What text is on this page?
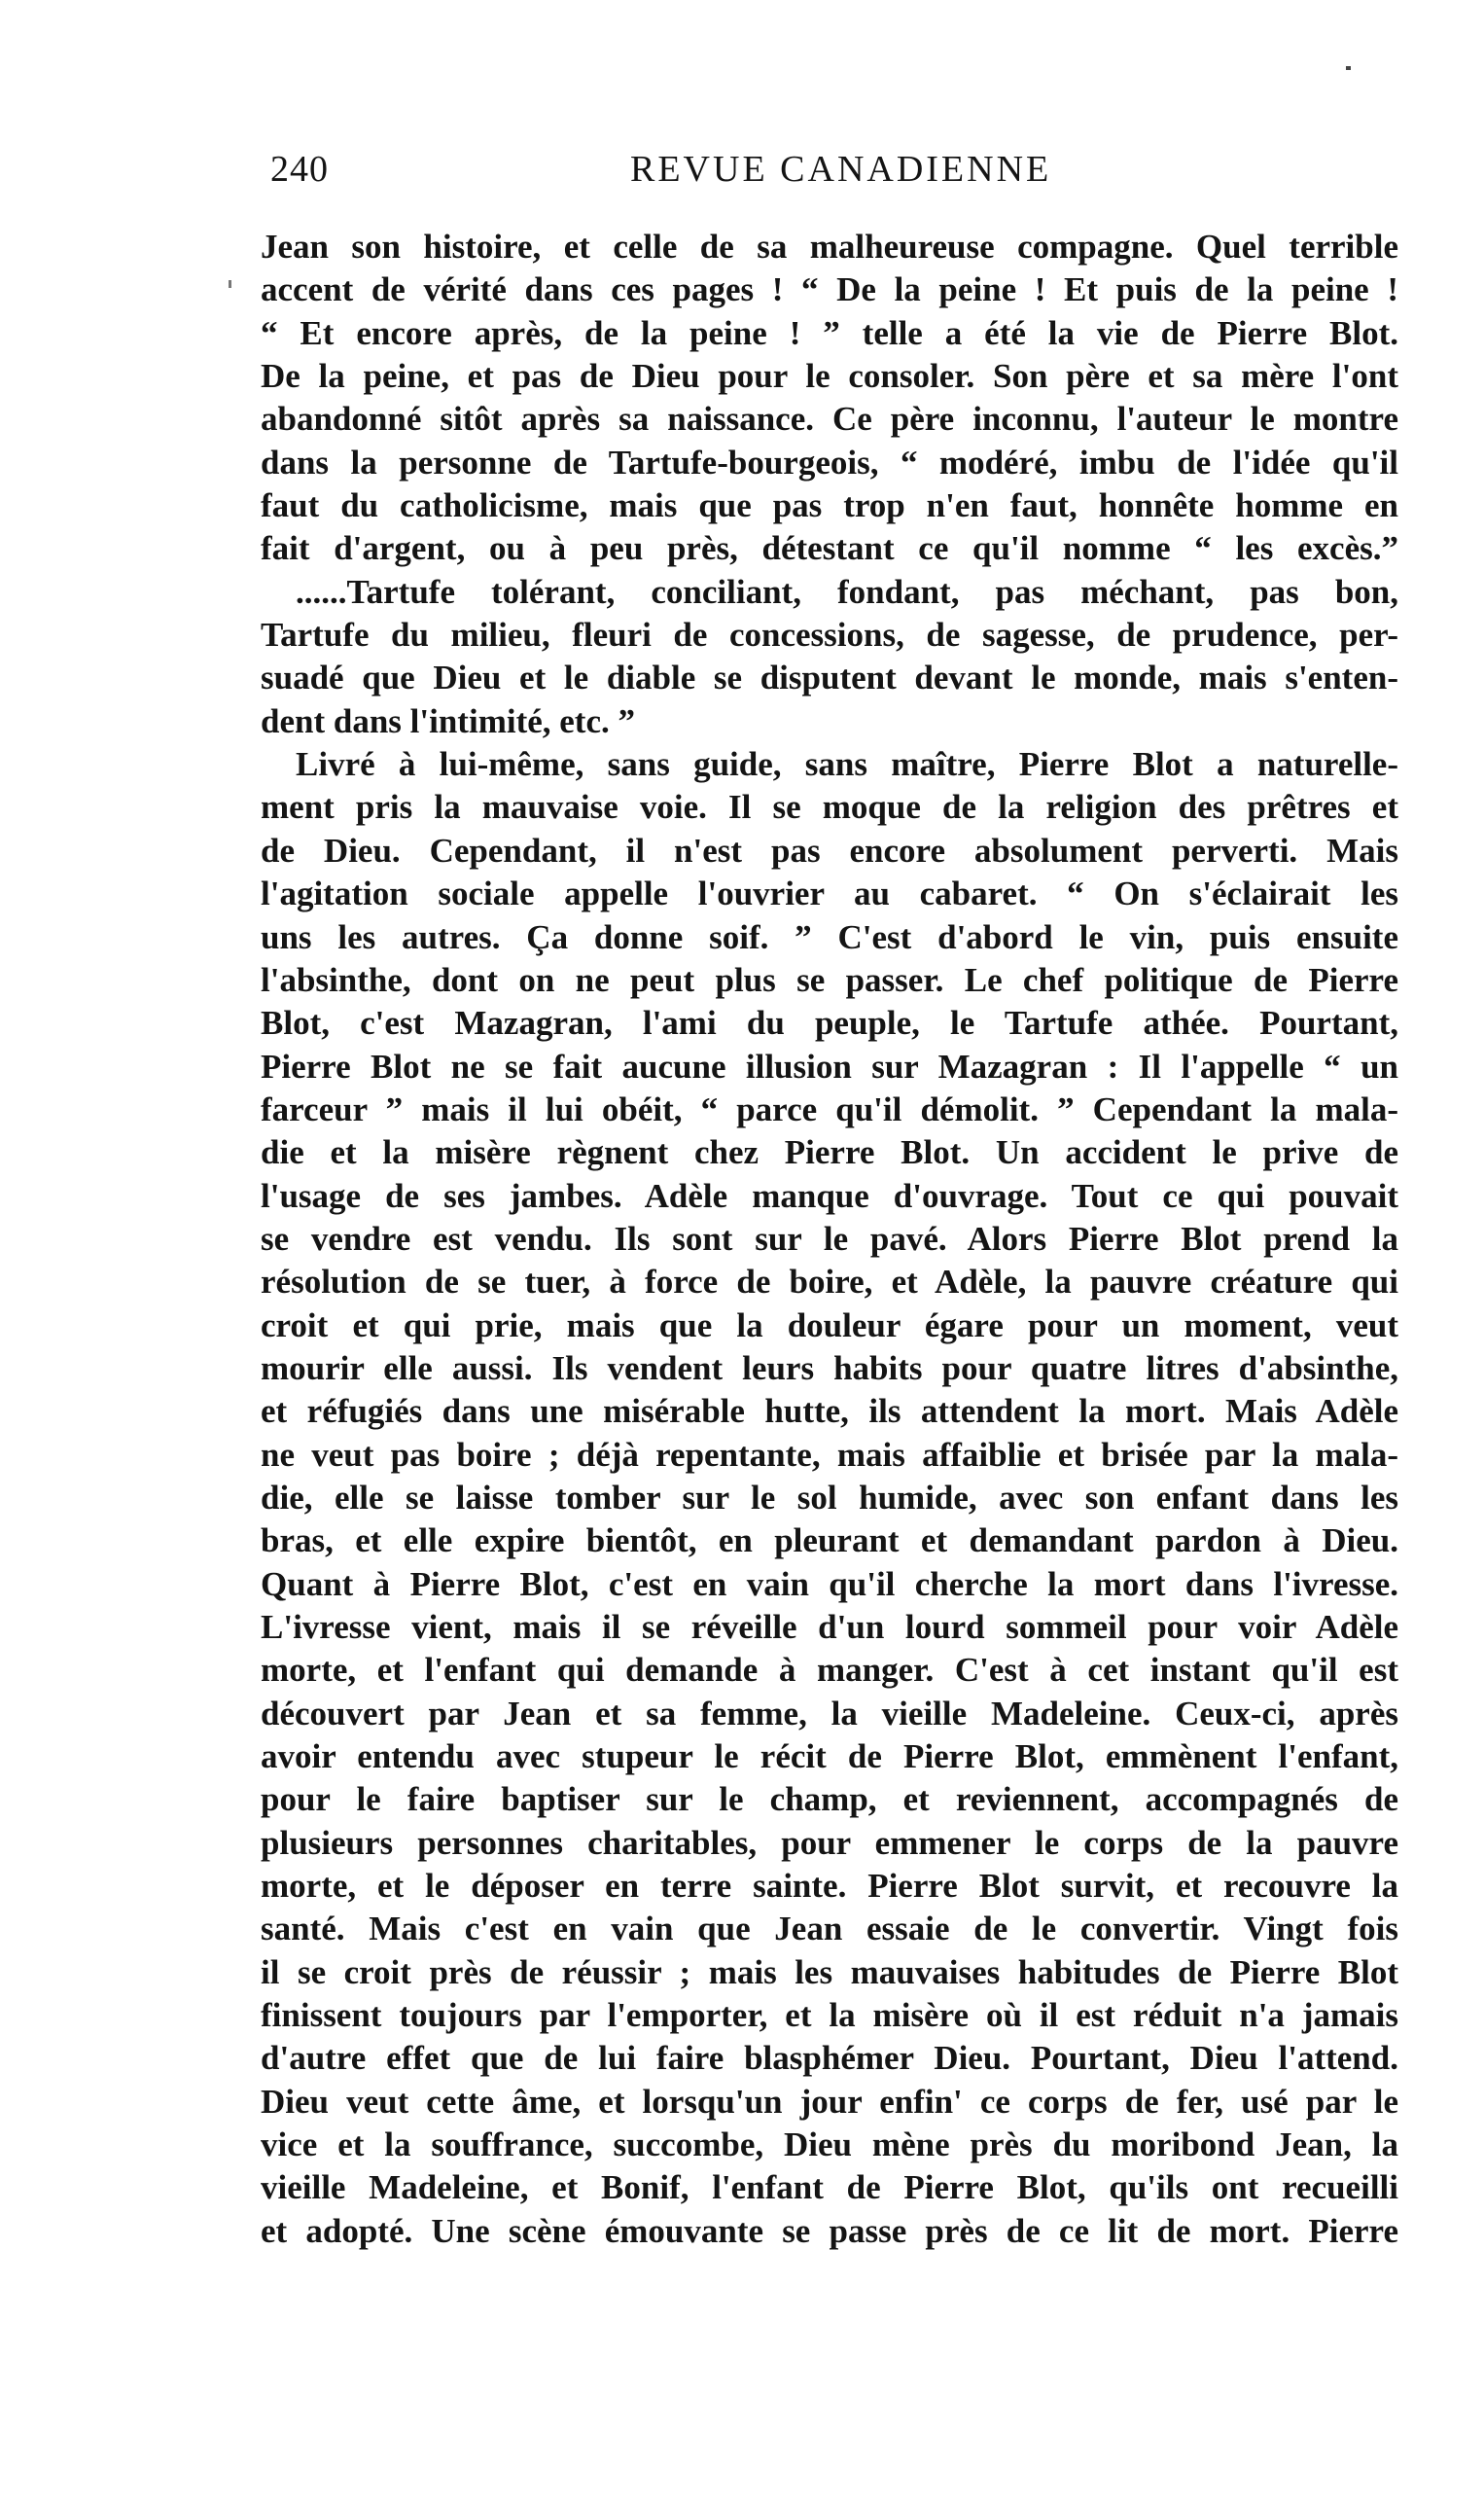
240	REVUE CANADIENNE
Jean son histoire, et celle de sa malheureuse compagne. Quel terrible
accent de vérité dans ces pages ! “ De la peine ! Et puis de la peine !
“ Et encore après, de la peine ! ” telle a été la vie de Pierre Blot.
De la peine, et pas de Dieu pour le consoler. Son père et sa mère l'ont
abandonné sitôt après sa naissance. Ce père inconnu, l'auteur le montre
dans la personne de Tartufe-bourgeois, “ modéré, imbu de l'idée qu'il
faut du catholicisme, mais que pas trop n'en faut, honnête homme en
fait d'argent, ou à peu près, détestant ce qu'il nomme “ les excès.”
......Tartufe tolérant, conciliant, fondant, pas méchant, pas bon,
Tartufe du milieu, fleuri de concessions, de sagesse, de prudence, per-
suadé que Dieu et le diable se disputent devant le monde, mais s'enten-
dent dans l'intimité, etc. ”
Livré à lui-même, sans guide, sans maître, Pierre Blot a naturelle-
ment pris la mauvaise voie. Il se moque de la religion des prêtres et
de Dieu. Cependant, il n'est pas encore absolument perverti. Mais
l'agitation sociale appelle l'ouvrier au cabaret. “ On s'éclairait les
uns les autres. Ça donne soif. ” C'est d'abord le vin, puis ensuite
l'absinthe, dont on ne peut plus se passer. Le chef politique de Pierre
Blot, c'est Mazagran, l'ami du peuple, le Tartufe athée. Pourtant,
Pierre Blot ne se fait aucune illusion sur Mazagran : Il l'appelle “ un
farceur ” mais il lui obéit, “ parce qu'il démolit. ” Cependant la mala-
die et la misère règnent chez Pierre Blot. Un accident le prive de
l'usage de ses jambes. Adèle manque d'ouvrage. Tout ce qui pouvait
se vendre est vendu. Ils sont sur le pavé. Alors Pierre Blot prend la
résolution de se tuer, à force de boire, et Adèle, la pauvre créature qui
croit et qui prie, mais que la douleur égare pour un moment, veut
mourir elle aussi. Ils vendent leurs habits pour quatre litres d'absinthe,
et réfugiés dans une misérable hutte, ils attendent la mort. Mais Adèle
ne veut pas boire ; déjà repentante, mais affaiblie et brisée par la mala-
die, elle se laisse tomber sur le sol humide, avec son enfant dans les
bras, et elle expire bientôt, en pleurant et demandant pardon à Dieu.
Quant à Pierre Blot, c'est en vain qu'il cherche la mort dans l'ivresse.
L'ivresse vient, mais il se réveille d'un lourd sommeil pour voir Adèle
morte, et l'enfant qui demande à manger. C'est à cet instant qu'il est
découvert par Jean et sa femme, la vieille Madeleine. Ceux-ci, après
avoir entendu avec stupeur le récit de Pierre Blot, emmènent l'enfant,
pour le faire baptiser sur le champ, et reviennent, accompagnés de
plusieurs personnes charitables, pour emmener le corps de la pauvre
morte, et le déposer en terre sainte. Pierre Blot survit, et recouvre la
santé. Mais c'est en vain que Jean essaie de le convertir. Vingt fois
il se croit près de réussir ; mais les mauvaises habitudes de Pierre Blot
finissent toujours par l'emporter, et la misère où il est réduit n'a jamais
d'autre effet que de lui faire blasphémer Dieu. Pourtant, Dieu l'attend.
Dieu veut cette âme, et lorsqu'un jour enfin' ce corps de fer, usé par le
vice et la souffrance, succombe, Dieu mène près du moribond Jean, la
vieille Madeleine, et Bonif, l'enfant de Pierre Blot, qu'ils ont recueilli
et adopté. Une scène émouvante se passe près de ce lit de mort. Pierre
